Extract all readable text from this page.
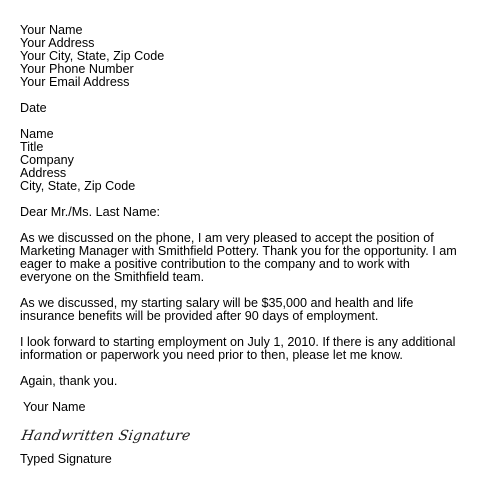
Your Name
Your Address
Your City, State, Zip Code
Your Phone Number
Your Email Address
Date
Name
Title
Company
Address
City, State, Zip Code
Dear Mr./Ms. Last Name:
As we discussed on the phone, I am very pleased to accept the position of
Marketing Manager with Smithfield Pottery. Thank you for the opportunity. I am
eager to make a positive contribution to the company and to work with
everyone on the Smithfield team.
As we discussed, my starting salary will be $35,000 and health and life
insurance benefits will be provided after 90 days of employment.
I look forward to starting employment on July 1, 2010. If there is any additional
information or paperwork you need prior to then, please let me know.
Again, thank you.
Your Name
Handwritten Signature
Typed Signature
